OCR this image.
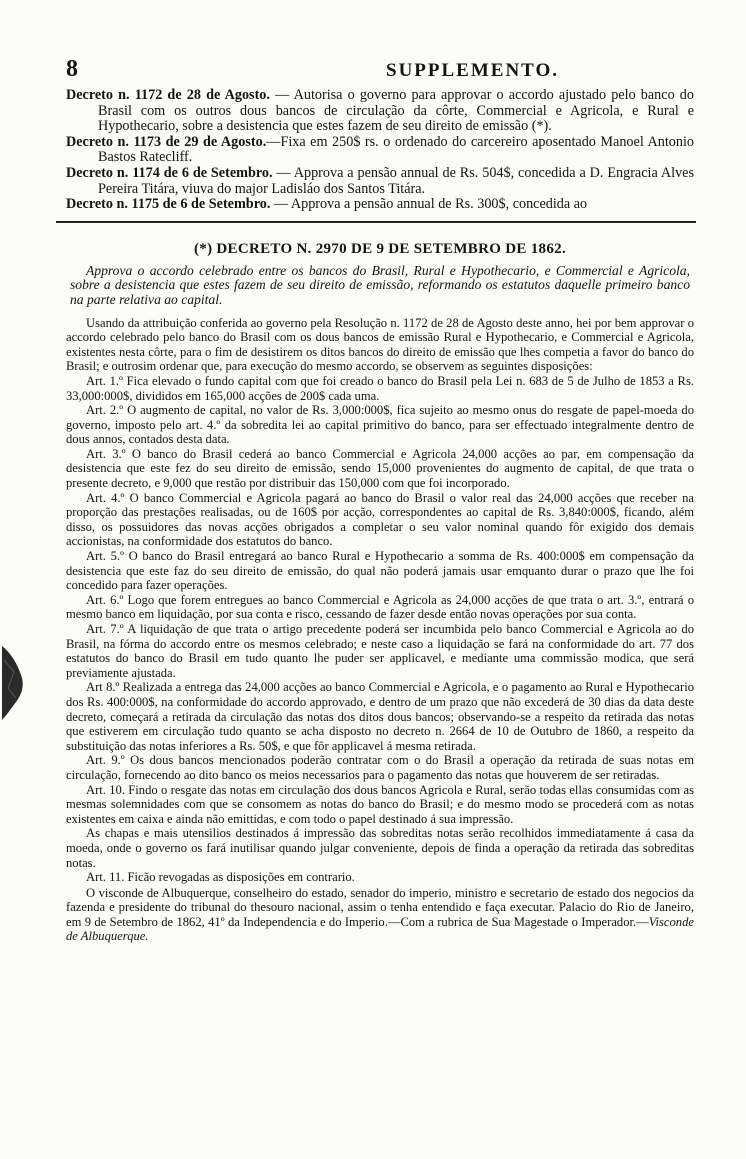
8	SUPPLEMENTO.

Decreto n. 1172 de 28 de Agosto. — Autorisa o governo para approvar o accordo ajustado pelo banco do Brasil com os outros dous bancos de circulação da côrte, Commercial e Agricola, e Rural e Hypothecario, sobre a desistencia que estes fazem de seu direito de emissão (*).

Decreto n. 1173 de 29 de Agosto.—Fixa em 250$ rs. o ordenado do carcereiro aposentado Manoel Antonio Bastos Ratecliff.

Decreto n. 1174 de 6 de Setembro. — Approva a pensão annual de Rs. 504$, concedida a D. Engracia Alves Pereira Titára, viuva do major Ladisláo dos Santos Titára.

Decreto n. 1175 de 6 de Setembro. — Approva a pensão annual de Rs. 300$, concedida ao

(*) DECRETO N. 2970 DE 9 DE SETEMBRO DE 1862.

Approva o accordo celebrado entre os bancos do Brasil, Rural e Hypothecario, e Commercial e Agricola, sobre a desistencia que estes fazem de seu direito de emissão, reformando os estatutos daquelle primeiro banco na parte relativa ao capital.

Usando da attribuição conferida ao governo pela Resolução n. 1172 de 28 de Agosto deste anno, hei por bem approvar o accordo celebrado pelo banco do Brasil com os dous bancos de emissão Rural e Hypothecario, e Commercial e Agricola, existentes nesta côrte, para o fim de desistirem os ditos bancos do direito de emissão que lhes competia a favor do banco do Brasil; e outrosim ordenar que, para execução do mesmo accordo, se observem as seguintes disposições:

Art. 1.º Fica elevado o fundo capital com que foi creado o banco do Brasil pela Lei n. 683 de 5 de Julho de 1853 a Rs. 33,000:000$, divididos em 165,000 acções de 200$ cada uma.

Art. 2.º O augmento de capital, no valor de Rs. 3,000:000$, fica sujeito ao mesmo onus do resgate de papel-moeda do governo, imposto pelo art. 4.º da sobredita lei ao capital primitivo do banco, para ser effectuado integralmente dentro de dous annos, contados desta data.

Art. 3.º O banco do Brasil cederá ao banco Commercial e Agricola 24,000 acções ao par, em compensação da desistencia que este fez do seu direito de emissão, sendo 15,000 provenientes do augmento de capital, de que trata o presente decreto, e 9,000 que restão por distribuir das 150,000 com que foi incorporado.

Art. 4.º O banco Commercial e Agricola pagará ao banco do Brasil o valor real das 24,000 acções que receber na proporção das prestações realisadas, ou de 160$ por acção, correspondentes ao capital de Rs. 3,840:000$, ficando, além disso, os possuidores das novas acções obrigados a completar o seu valor nominal quando fôr exigido dos demais accionistas, na conformidade dos estatutos do banco.

Art. 5.º O banco do Brasil entregará ao banco Rural e Hypothecario a somma de Rs. 400:000$ em compensação da desistencia que este faz do seu direito de emissão, do qual não poderá jamais usar emquanto durar o prazo que lhe foi concedido para fazer operações.

Art. 6.º Logo que forem entregues ao banco Commercial e Agricola as 24,000 acções de que trata o art. 3.º, entrará o mesmo banco em liquidação, por sua conta e risco, cessando de fazer desde então novas operações por sua conta.

Art. 7.º A liquidação de que trata o artigo precedente poderá ser incumbida pelo banco Commercial e Agricola ao do Brasil, na fórma do accordo entre os mesmos celebrado; e neste caso a liquidação se fará na conformidade do art. 77 dos estatutos do banco do Brasil em tudo quanto lhe puder ser applicavel, e mediante uma commissão modica, que será previamente ajustada.

Art 8.º Realizada a entrega das 24,000 acções ao banco Commercial e Agricola, e o pagamento ao Rural e Hypothecario dos Rs. 400:000$, na conformidade do accordo approvado, e dentro de um prazo que não excederá de 30 dias da data deste decreto, começará a retirada da circulação das notas dos ditos dous bancos; observando-se a respeito da retirada das notas que estiverem em circulação tudo quanto se acha disposto no decreto n. 2664 de 10 de Outubro de 1860, a respeito da substituição das notas inferiores a Rs. 50$, e que fôr applicavel á mesma retirada.

Art. 9.º Os dous bancos mencionados poderão contratar com o do Brasil a operação da retirada de suas notas em circulação, fornecendo ao dito banco os meios necessarios para o pagamento das notas que houverem de ser retiradas.

Art. 10. Findo o resgate das notas em circulação dos dous bancos Agricola e Rural, serão todas ellas consumidas com as mesmas solemnidades com que se consomem as notas do banco do Brasil; e do mesmo modo se procederá com as notas existentes em caixa e ainda não emittidas, e com todo o papel destinado á sua impressão.

As chapas e mais utensilios destinados á impressão das sobreditas notas serão recolhidos immediatamente á casa da moeda, onde o governo os fará inutilisar quando julgar conveniente, depois de finda a operação da retirada das sobreditas notas.

Art. 11. Ficão revogadas as disposições em contrario.

O visconde de Albuquerque, conselheiro do estado, senador do imperio, ministro e secretario de estado dos negocios da fazenda e presidente do tribunal do thesouro nacional, assim o tenha entendido e faça executar. Palacio do Rio de Janeiro, em 9 de Setembro de 1862, 41º da Independencia e do Imperio.—Com a rubrica de Sua Magestade o Imperador.—Visconde de Albuquerque.
